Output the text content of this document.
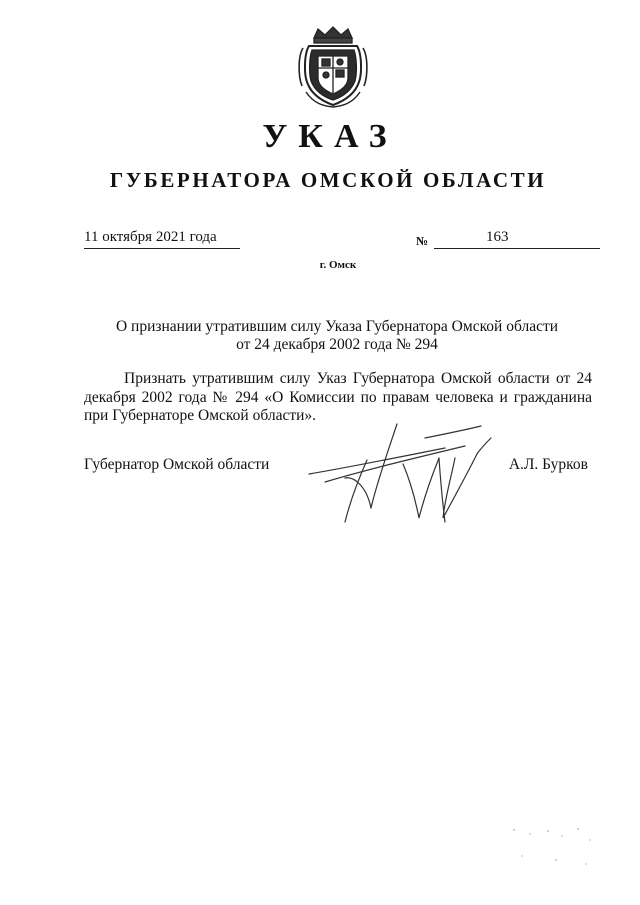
УКАЗ
ГУБЕРНАТОРА ОМСКОЙ ОБЛАСТИ
11 октября 2021 года	№	163
г. Омск
О признании утратившим силу Указа Губернатора Омской области
от 24 декабря 2002 года № 294
Признать утратившим силу Указ Губернатора Омской области от 24 декабря 2002 года № 294 «О Комиссии по правам человека и гражданина при Губернаторе Омской области».
Губернатор Омской области	А.Л. Бурков
